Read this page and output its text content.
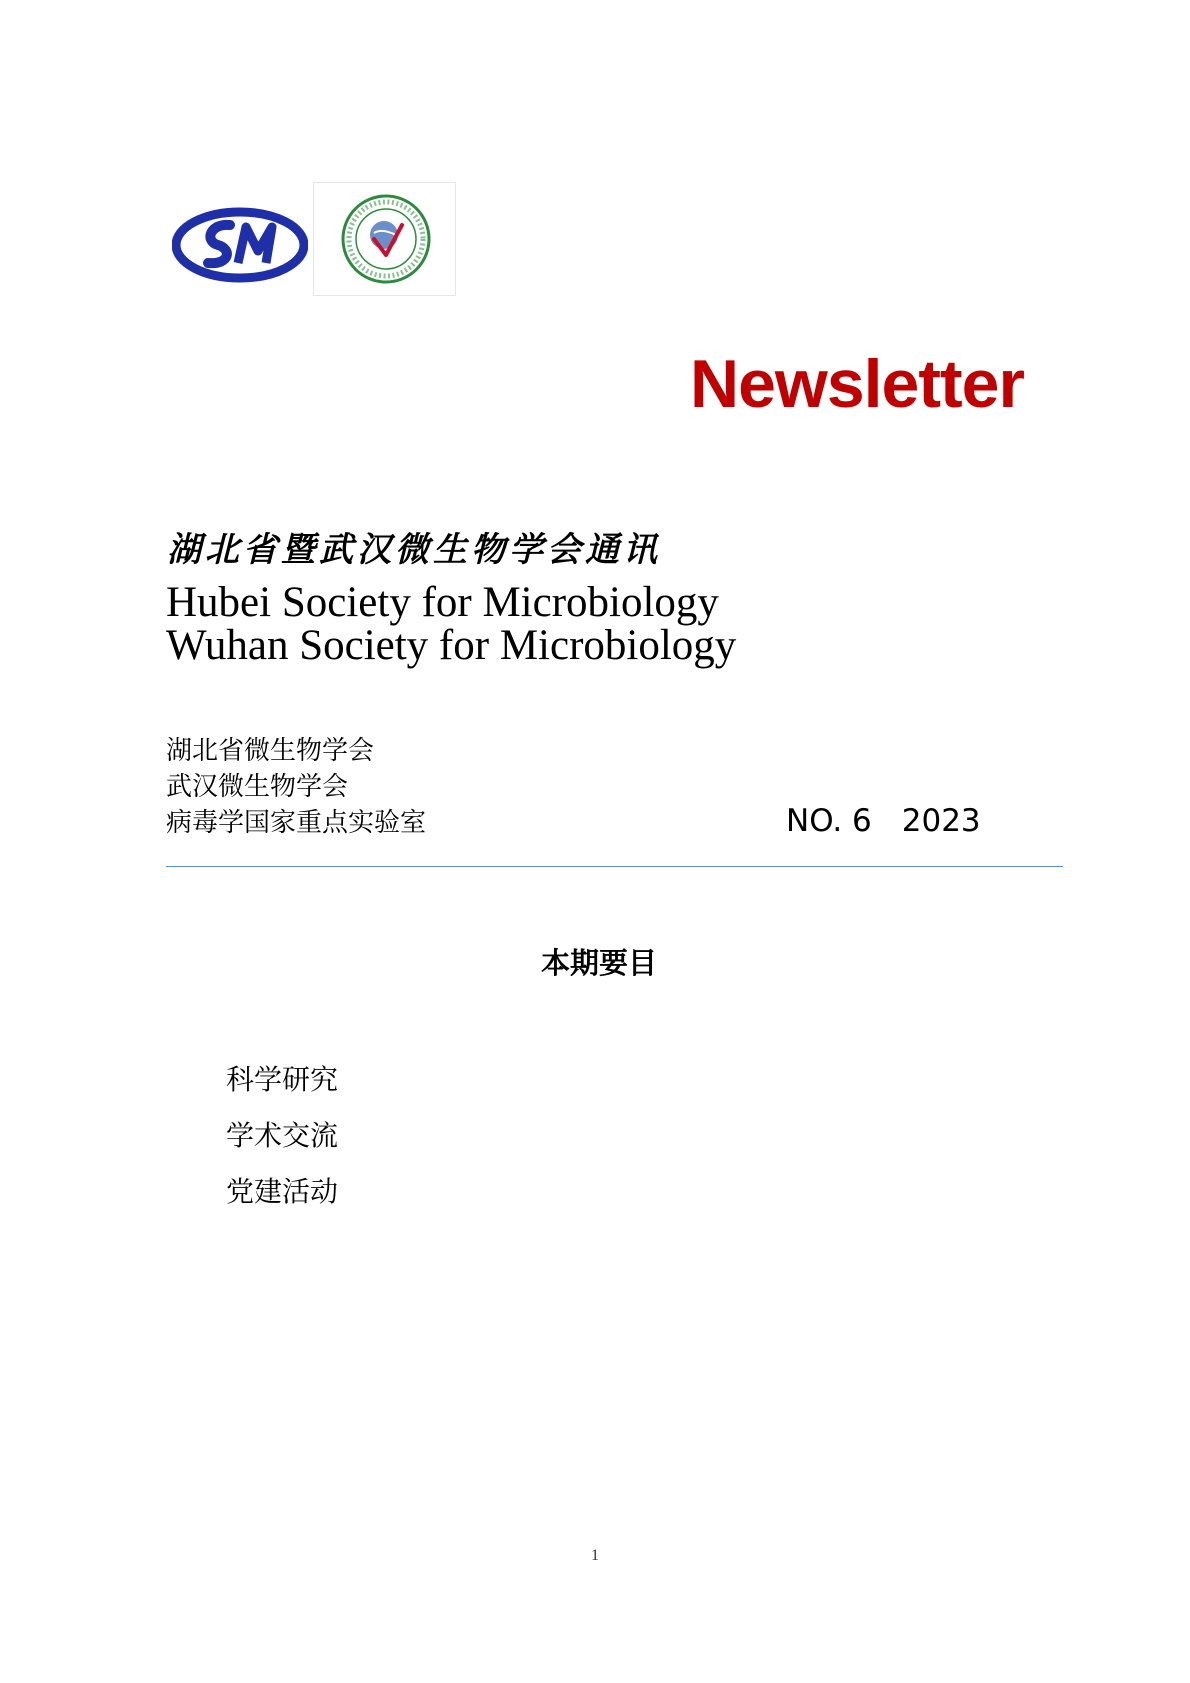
Newsletter
湖北省暨武汉微生物学会通讯

Hubei Society for Microbiology

Wuhan Society for Microbiology

湖北省微生物学会
武汉微生物学会
病毒学国家重点实验室	NO. 6 2023
本期要目
科学研究
学术交流
党建活动
1
